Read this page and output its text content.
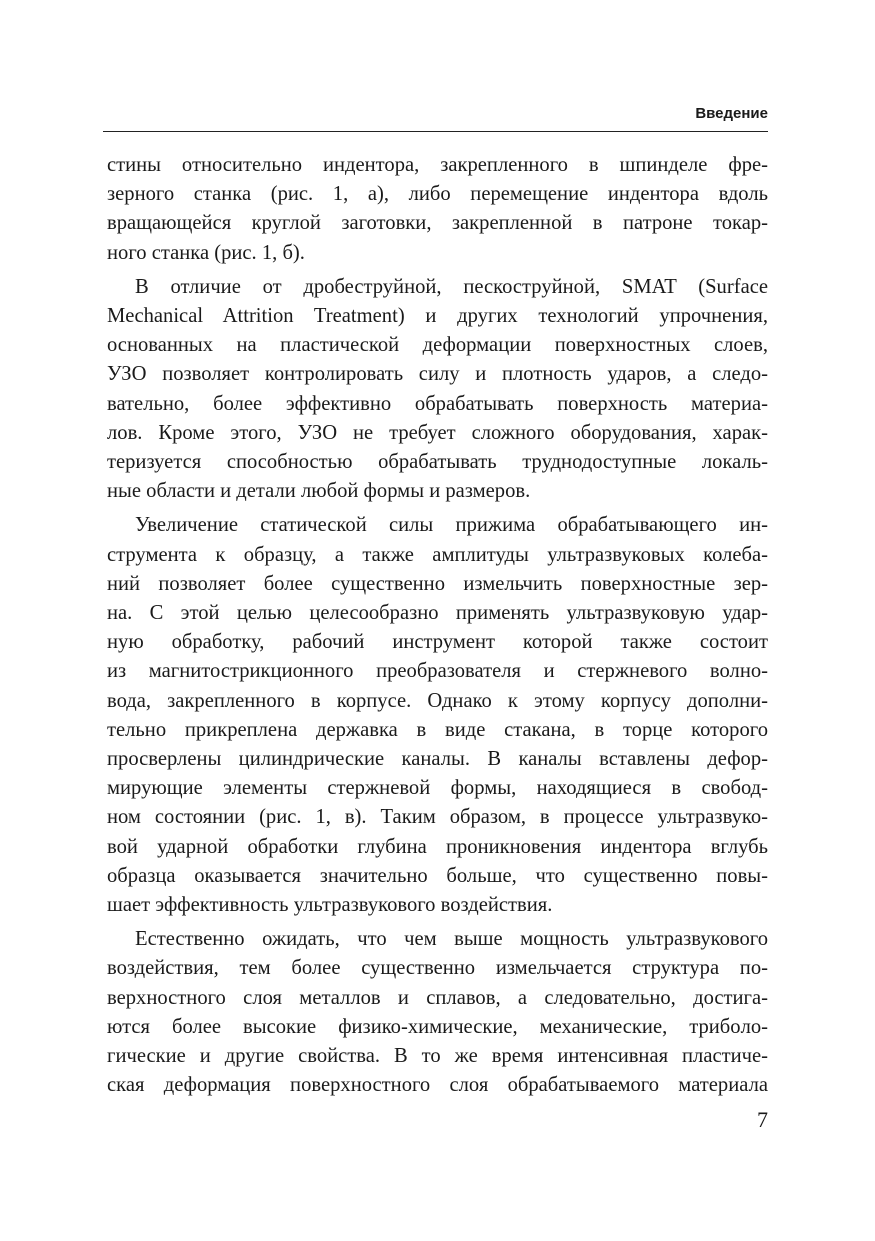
Введение
стины относительно индентора, закрепленного в шпинделе фре-
зерного станка (рис. 1, а), либо перемещение индентора вдоль
вращающейся круглой заготовки, закрепленной в патроне токар-
ного станка (рис. 1, б).
В отличие от дробеструйной, пескоструйной, SMAT (Surface
Mechanical Attrition Treatment) и других технологий упрочнения,
основанных на пластической деформации поверхностных слоев,
УЗО позволяет контролировать силу и плотность ударов, а следо-
вательно, более эффективно обрабатывать поверхность материа-
лов. Кроме этого, УЗО не требует сложного оборудования, харак-
теризуется способностью обрабатывать труднодоступные локаль-
ные области и детали любой формы и размеров.
Увеличение статической силы прижима обрабатывающего ин-
струмента к образцу, а также амплитуды ультразвуковых колеба-
ний позволяет более существенно измельчить поверхностные зер-
на. С этой целью целесообразно применять ультразвуковую удар-
ную обработку, рабочий инструмент которой также состоит
из магнитострикционного преобразователя и стержневого волно-
вода, закрепленного в корпусе. Однако к этому корпусу дополни-
тельно прикреплена державка в виде стакана, в торце которого
просверлены цилиндрические каналы. В каналы вставлены дефор-
мирующие элементы стержневой формы, находящиеся в свобод-
ном состоянии (рис. 1, в). Таким образом, в процессе ультразвуко-
вой ударной обработки глубина проникновения индентора вглубь
образца оказывается значительно больше, что существенно повы-
шает эффективность ультразвукового воздействия.
Естественно ожидать, что чем выше мощность ультразвукового
воздействия, тем более существенно измельчается структура по-
верхностного слоя металлов и сплавов, а следовательно, достига-
ются более высокие физико-химические, механические, трибoло-
гические и другие свойства. В то же время интенсивная пластиче-
ская деформация поверхностного слоя обрабатываемого материала
7
